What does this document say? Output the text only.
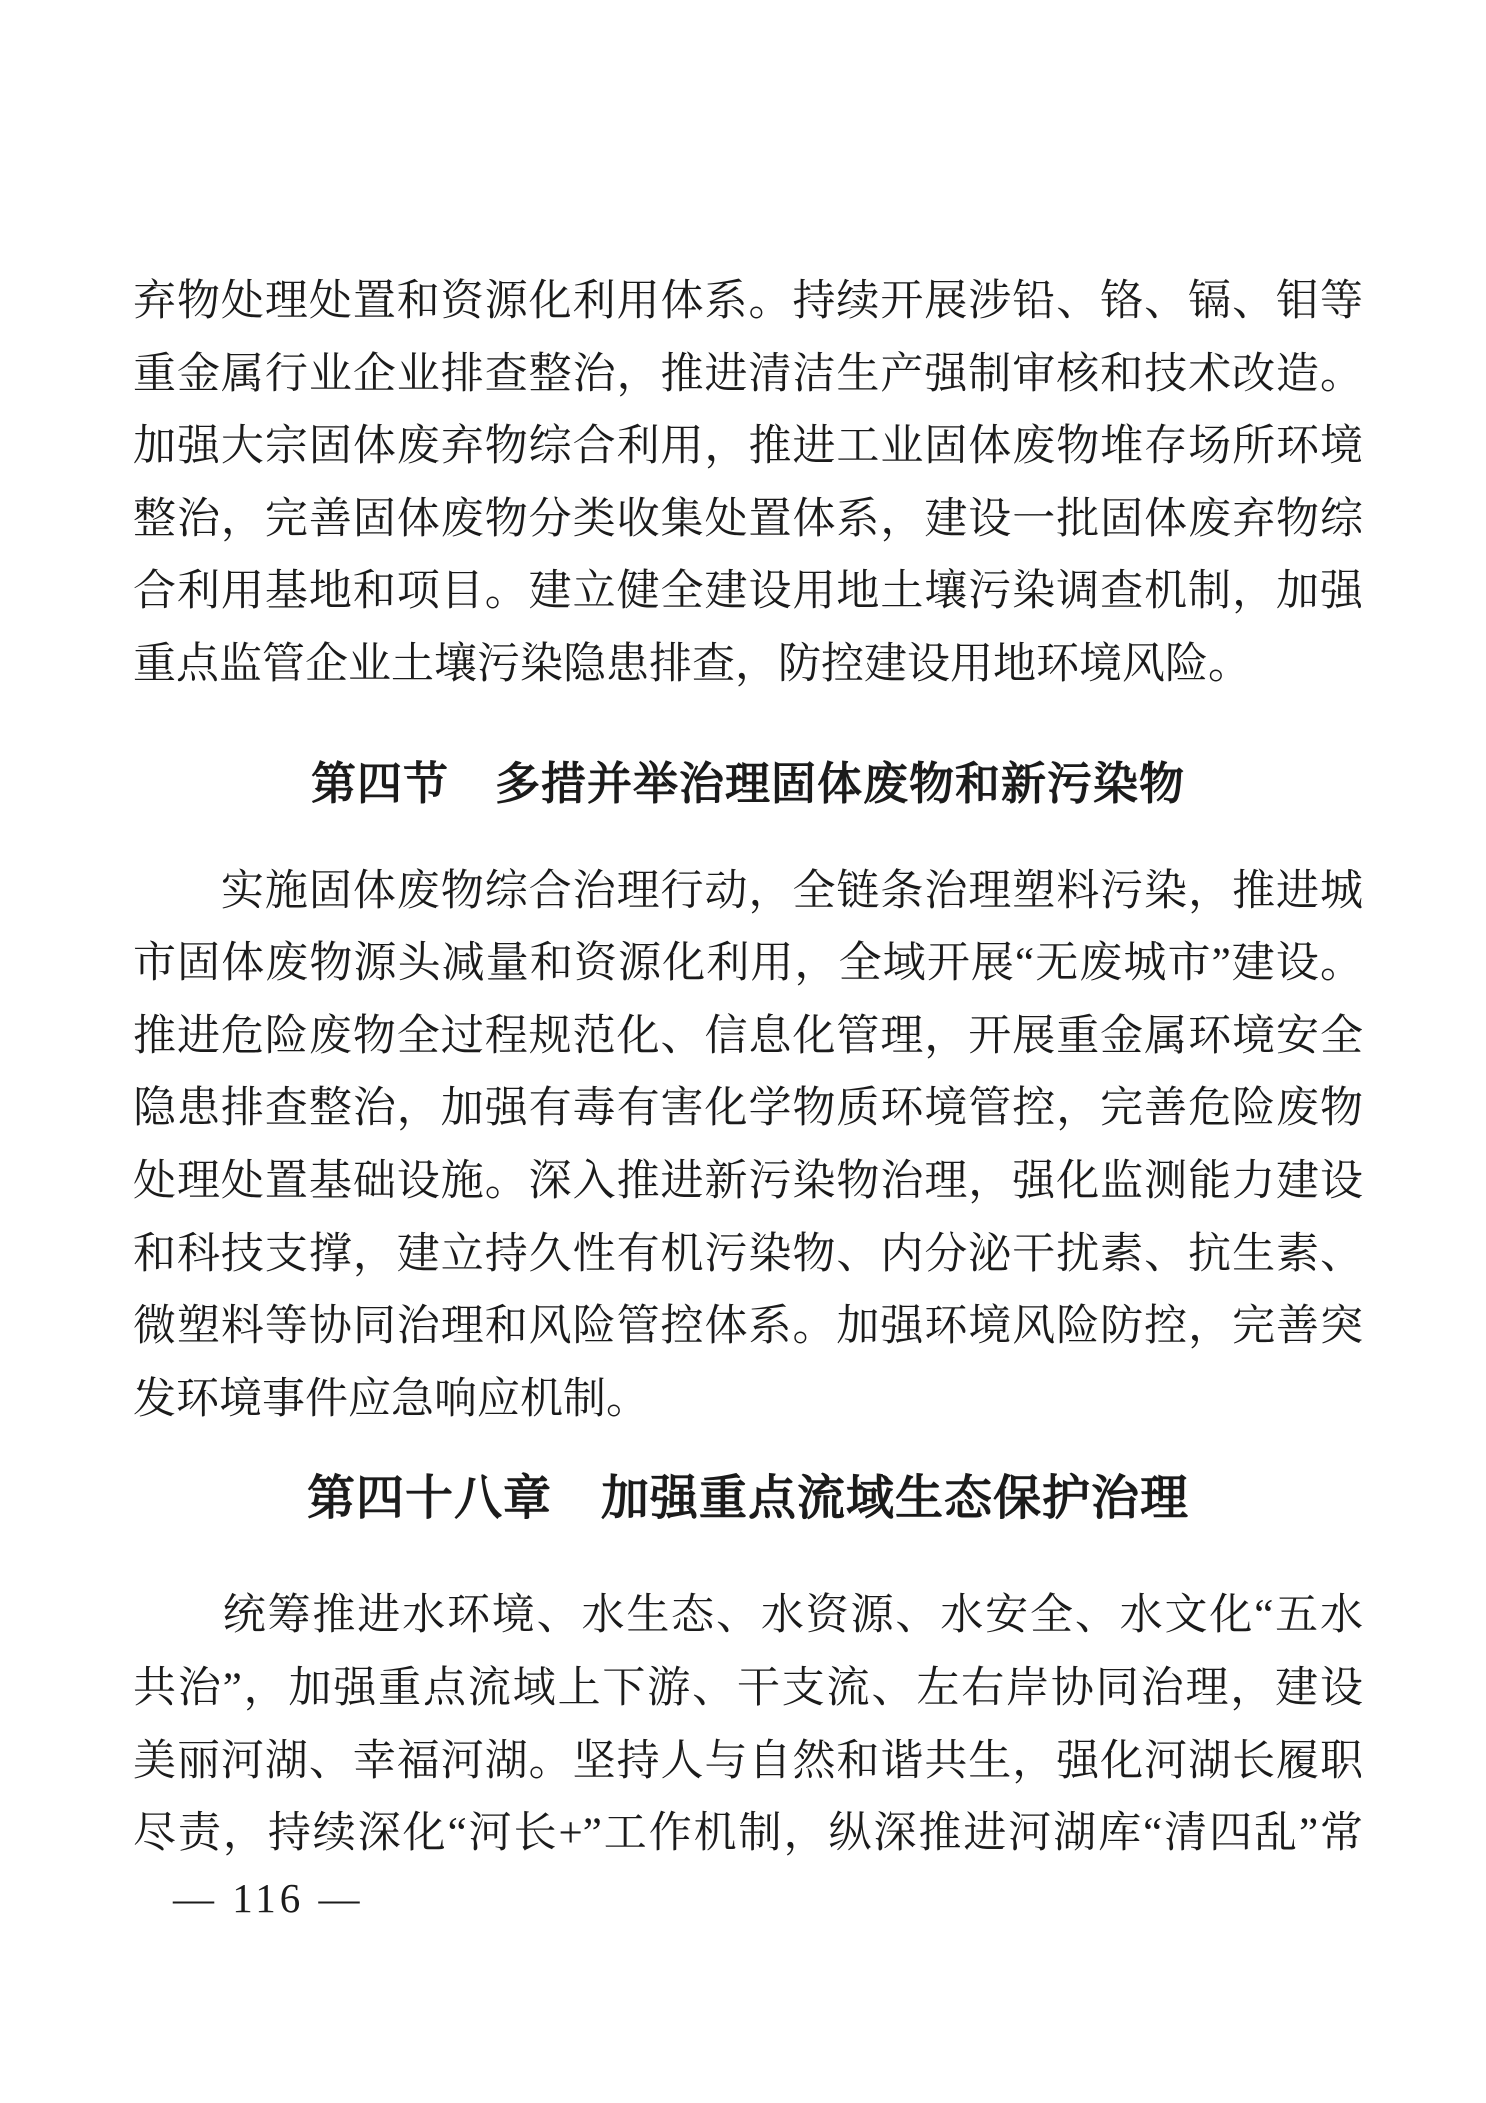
弃物处理处置和资源化利用体系。持续开展涉铅、铬、镉、钼等
重金属行业企业排查整治，推进清洁生产强制审核和技术改造。
加强大宗固体废弃物综合利用，推进工业固体废物堆存场所环境
整治，完善固体废物分类收集处置体系，建设一批固体废弃物综
合利用基地和项目。建立健全建设用地土壤污染调查机制，加强
重点监管企业土壤污染隐患排查，防控建设用地环境风险。
第四节　多措并举治理固体废物和新污染物
　　实施固体废物综合治理行动，全链条治理塑料污染，推进城
市固体废物源头减量和资源化利用，全域开展“无废城市”建设。
推进危险废物全过程规范化、信息化管理，开展重金属环境安全
隐患排查整治，加强有毒有害化学物质环境管控，完善危险废物
处理处置基础设施。深入推进新污染物治理，强化监测能力建设
和科技支撑，建立持久性有机污染物、内分泌干扰素、抗生素、
微塑料等协同治理和风险管控体系。加强环境风险防控，完善突
发环境事件应急响应机制。
第四十八章　加强重点流域生态保护治理
　　统筹推进水环境、水生态、水资源、水安全、水文化“五水
共治”，加强重点流域上下游、干支流、左右岸协同治理，建设
美丽河湖、幸福河湖。坚持人与自然和谐共生，强化河湖长履职
尽责，持续深化“河长+”工作机制，纵深推进河湖库“清四乱”常
— 116 —
